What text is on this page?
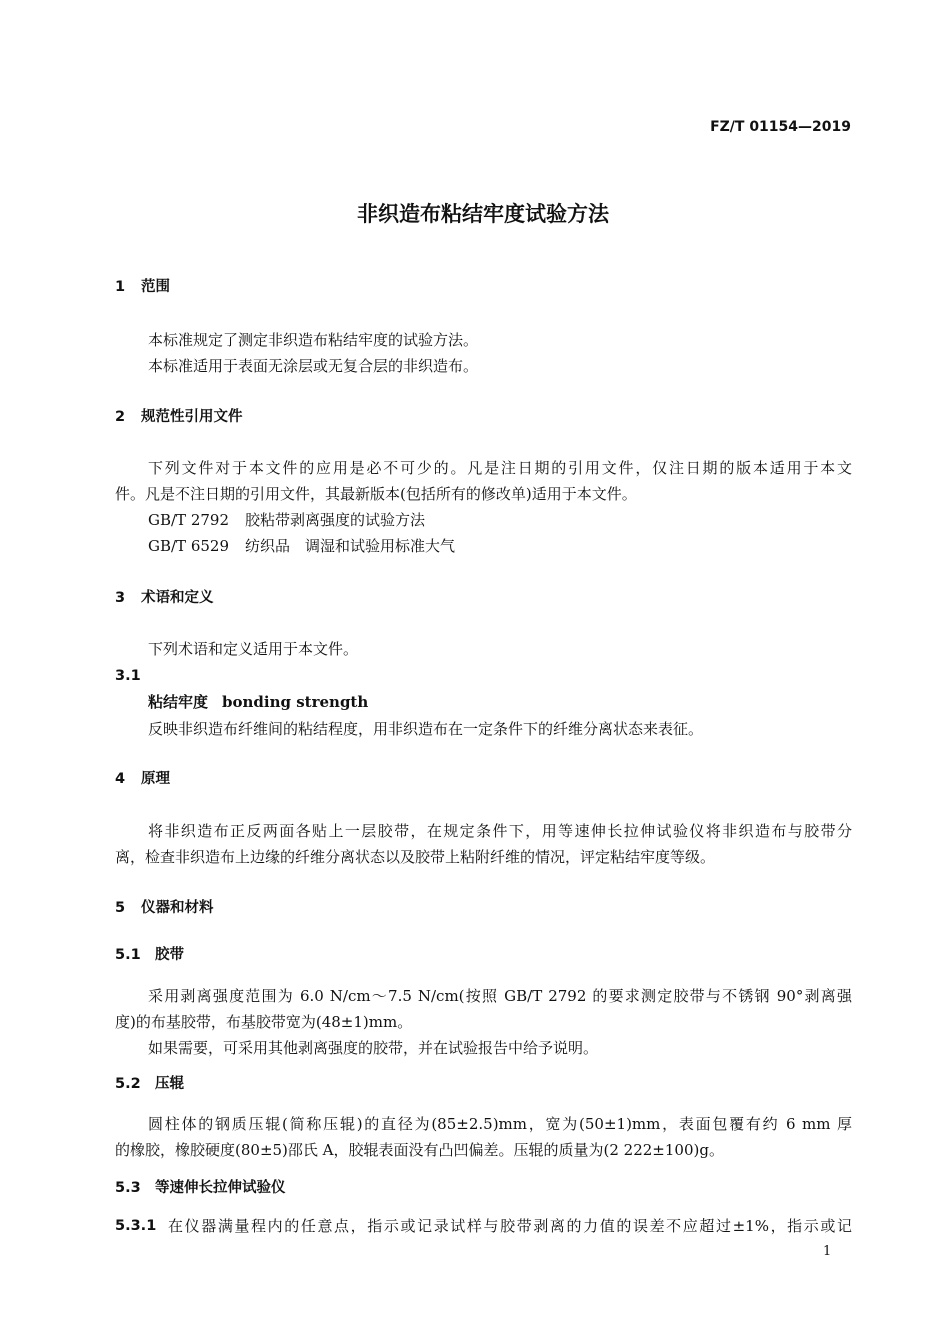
FZ/T 01154—2019
非织造布粘结牢度试验方法
1 范围
本标准规定了测定非织造布粘结牢度的试验方法。
本标准适用于表面无涂层或无复合层的非织造布。
2 规范性引用文件
下列文件对于本文件的应用是必不可少的。凡是注日期的引用文件，仅注日期的版本适用于本文
件。凡是不注日期的引用文件，其最新版本(包括所有的修改单)适用于本文件。
GB/T 2792 胶粘带剥离强度的试验方法
GB/T 6529 纺织品　调湿和试验用标准大气
3 术语和定义
下列术语和定义适用于本文件。
3.1
粘结牢度 bonding strength
反映非织造布纤维间的粘结程度，用非织造布在一定条件下的纤维分离状态来表征。
4 原理
将非织造布正反两面各贴上一层胶带，在规定条件下，用等速伸长拉伸试验仪将非织造布与胶带分
离，检查非织造布上边缘的纤维分离状态以及胶带上粘附纤维的情况，评定粘结牢度等级。
5 仪器和材料
5.1 胶带
采用剥离强度范围为 6.0 N/cm～7.5 N/cm(按照 GB/T 2792 的要求测定胶带与不锈钢 90°剥离强
度)的布基胶带，布基胶带宽为(48±1)mm。
如果需要，可采用其他剥离强度的胶带，并在试验报告中给予说明。
5.2 压辊
圆柱体的钢质压辊(简称压辊)的直径为(85±2.5)mm，宽为(50±1)mm，表面包覆有约 6 mm 厚
的橡胶，橡胶硬度(80±5)邵氏 A，胶辊表面没有凸凹偏差。压辊的质量为(2 222±100)g。
5.3 等速伸长拉伸试验仪
5.3.1 在仪器满量程内的任意点，指示或记录试样与胶带剥离的力值的误差不应超过±1%，指示或记
1
